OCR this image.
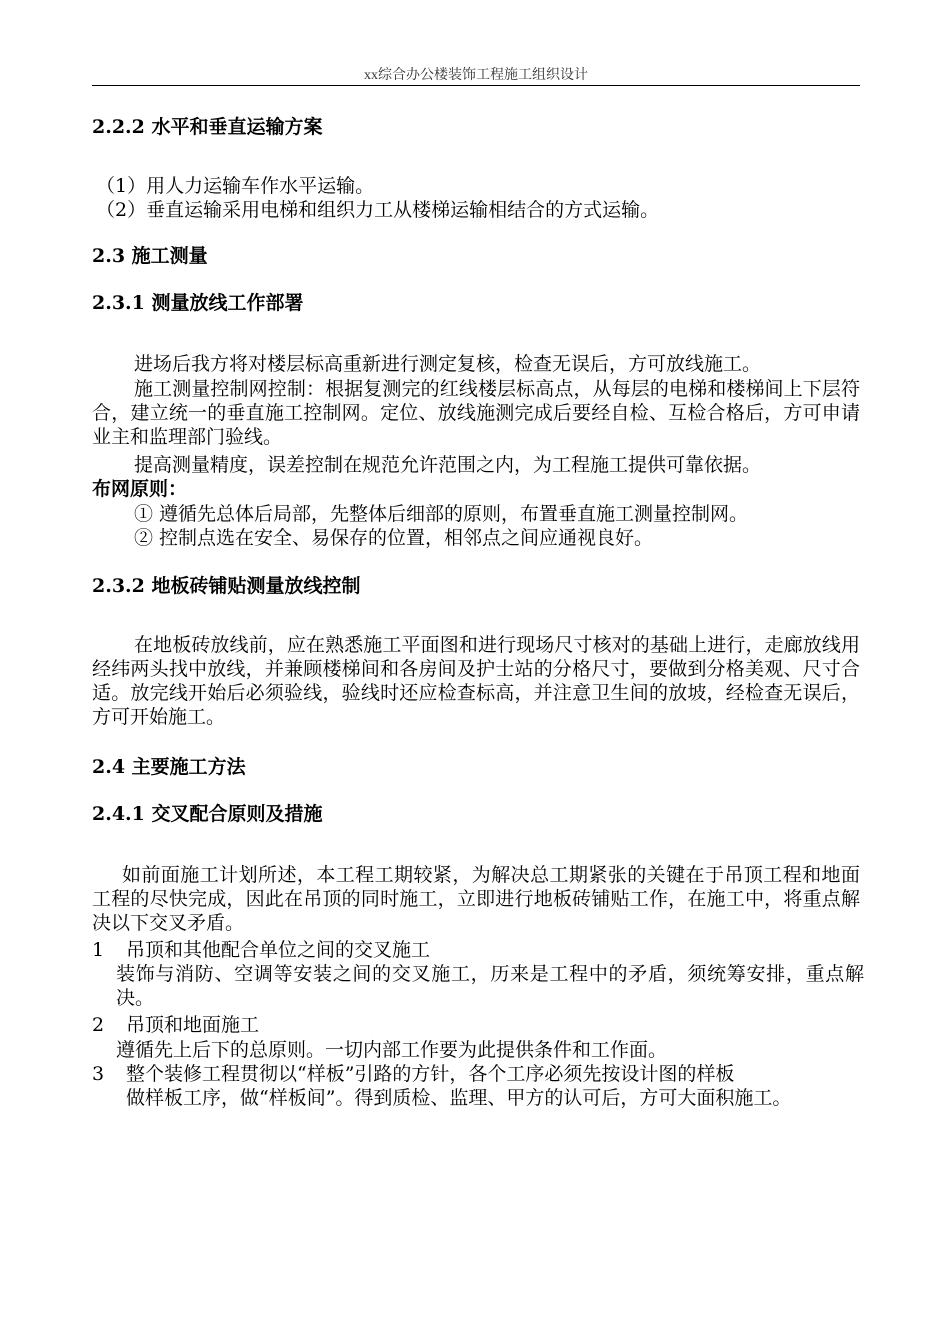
xx综合办公楼装饰工程施工组织设计
2.2.2 水平和垂直运输方案
（1）用人力运输车作水平运输。
（2）垂直运输采用电梯和组织力工从楼梯运输相结合的方式运输。
2.3 施工测量
2.3.1 测量放线工作部署
进场后我方将对楼层标高重新进行测定复核，检查无误后，方可放线施工。
施工测量控制网控制：根据复测完的红线楼层标高点，从每层的电梯和楼梯间上下层符合，建立统一的垂直施工控制网。定位、放线施测完成后要经自检、互检合格后，方可申请业主和监理部门验线。
提高测量精度，误差控制在规范允许范围之内，为工程施工提供可靠依据。
布网原则：
① 遵循先总体后局部，先整体后细部的原则，布置垂直施工测量控制网。
② 控制点选在安全、易保存的位置，相邻点之间应通视良好。
2.3.2 地板砖铺贴测量放线控制
在地板砖放线前，应在熟悉施工平面图和进行现场尺寸核对的基础上进行，走廊放线用经纬两头找中放线，并兼顾楼梯间和各房间及护士站的分格尺寸，要做到分格美观、尺寸合适。放完线开始后必须验线，验线时还应检查标高，并注意卫生间的放坡，经检查无误后，方可开始施工。
2.4 主要施工方法
2.4.1 交叉配合原则及措施
如前面施工计划所述，本工程工期较紧，为解决总工期紧张的关键在于吊顶工程和地面工程的尽快完成，因此在吊顶的同时施工，立即进行地板砖铺贴工作，在施工中，将重点解决以下交叉矛盾。
1 吊顶和其他配合单位之间的交叉施工
装饰与消防、空调等安装之间的交叉施工，历来是工程中的矛盾，须统筹安排，重点解决。
2 吊顶和地面施工
遵循先上后下的总原则。一切内部工作要为此提供条件和工作面。
3 整个装修工程贯彻以“样板”引路的方针，各个工序必须先按设计图的样板
做样板工序，做“样板间”。得到质检、监理、甲方的认可后，方可大面积施工。
